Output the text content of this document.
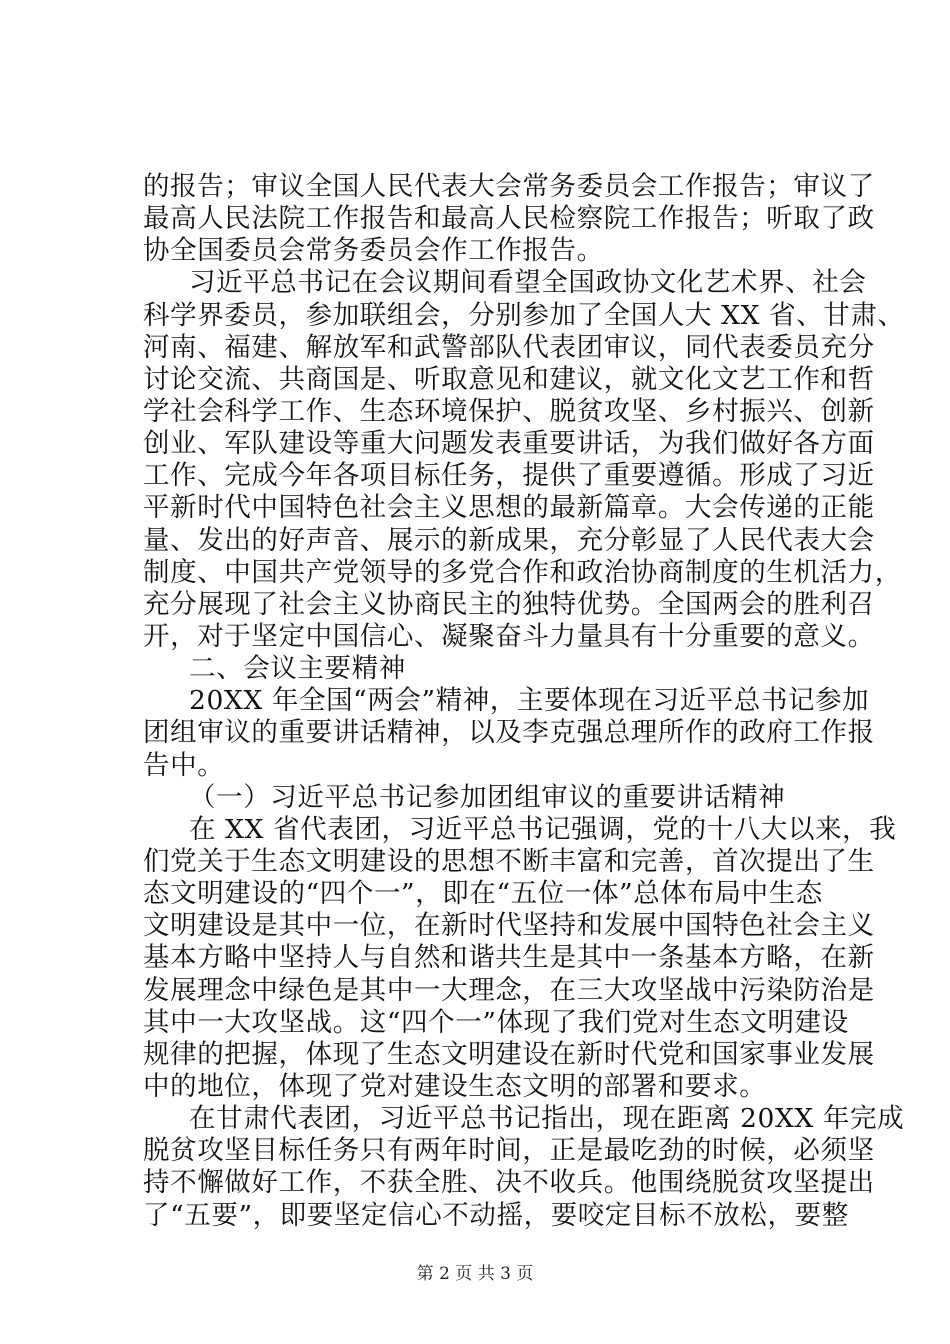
的报告；审议全国人民代表大会常务委员会工作报告；审议了
最高人民法院工作报告和最高人民检察院工作报告；听取了政
协全国委员会常务委员会作工作报告。
习近平总书记在会议期间看望全国政协文化艺术界、社会
科学界委员，参加联组会，分别参加了全国人大 XX 省、甘肃、
河南、福建、解放军和武警部队代表团审议，同代表委员充分
讨论交流、共商国是、听取意见和建议，就文化文艺工作和哲
学社会科学工作、生态环境保护、脱贫攻坚、乡村振兴、创新
创业、军队建设等重大问题发表重要讲话，为我们做好各方面
工作、完成今年各项目标任务，提供了重要遵循。形成了习近
平新时代中国特色社会主义思想的最新篇章。大会传递的正能
量、发出的好声音、展示的新成果，充分彰显了人民代表大会
制度、中国共产党领导的多党合作和政治协商制度的生机活力，
充分展现了社会主义协商民主的独特优势。全国两会的胜利召
开，对于坚定中国信心、凝聚奋斗力量具有十分重要的意义。
二、会议主要精神
20XX 年全国“两会”精神，主要体现在习近平总书记参加
团组审议的重要讲话精神，以及李克强总理所作的政府工作报
告中。
（一）习近平总书记参加团组审议的重要讲话精神
在 XX 省代表团，习近平总书记强调，党的十八大以来，我
们党关于生态文明建设的思想不断丰富和完善，首次提出了生
态文明建设的“四个一”，即在“五位一体”总体布局中生态
文明建设是其中一位，在新时代坚持和发展中国特色社会主义
基本方略中坚持人与自然和谐共生是其中一条基本方略，在新
发展理念中绿色是其中一大理念，在三大攻坚战中污染防治是
其中一大攻坚战。这“四个一”体现了我们党对生态文明建设
规律的把握，体现了生态文明建设在新时代党和国家事业发展
中的地位，体现了党对建设生态文明的部署和要求。
在甘肃代表团，习近平总书记指出，现在距离 20XX 年完成
脱贫攻坚目标任务只有两年时间，正是最吃劲的时候，必须坚
持不懈做好工作，不获全胜、决不收兵。他围绕脱贫攻坚提出
了“五要”，即要坚定信心不动摇，要咬定目标不放松，要整
第 2 页 共 3 页
